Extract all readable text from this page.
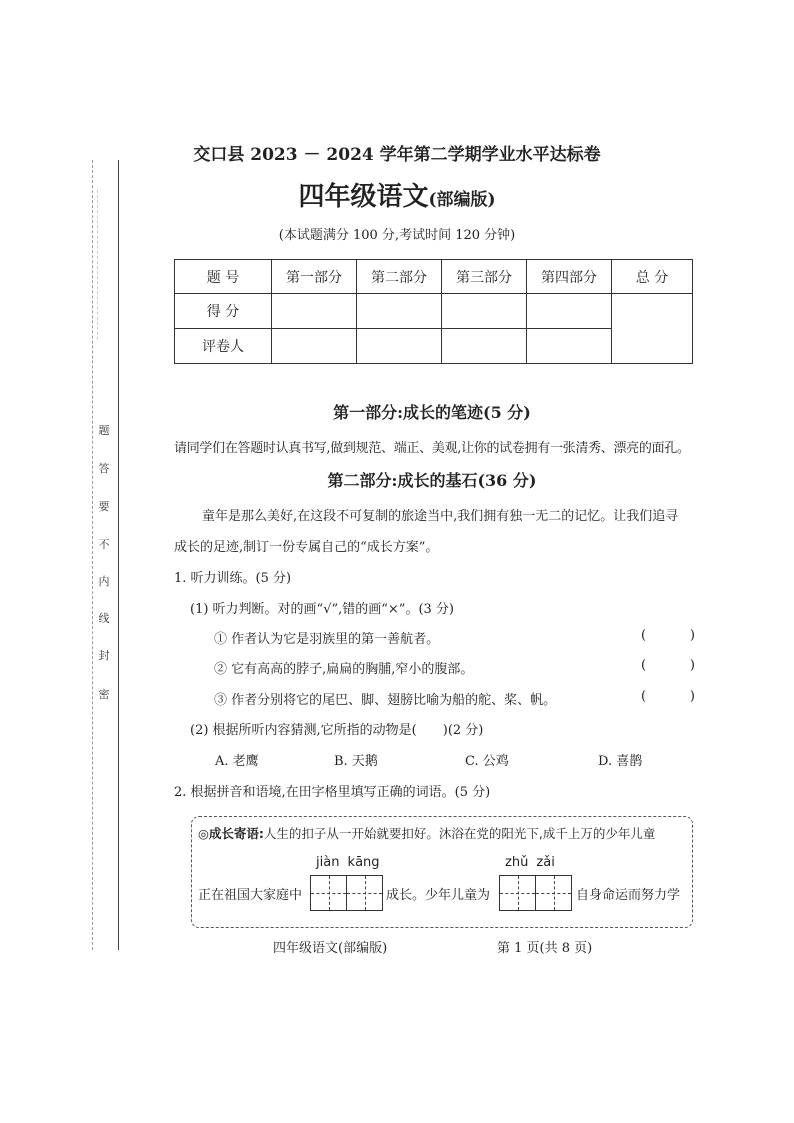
密
封
线
内
不
要
答
题
交口县 2023 － 2024 学年第二学期学业水平达标卷
四年级语文(部编版)
(本试题满分 100 分,考试时间 120 分钟)
题 号	第一部分	第二部分	第三部分	第四部分	总 分
得 分					
评卷人					
第一部分:成长的笔迹(5 分)
请同学们在答题时认真书写,做到规范、端正、美观,让你的试卷拥有一张清秀、漂亮的面孔。
第二部分:成长的基石(36 分)
童年是那么美好,在这段不可复制的旅途当中,我们拥有独一无二的记忆。让我们追寻
成长的足迹,制订一份专属自己的“成长方案”。
1. 听力训练。(5 分)
(1) 听力判断。对的画“√”,错的画“×”。(3 分)
① 作者认为它是羽族里的第一善航者。	(	)
② 它有高高的脖子,扁扁的胸脯,窄小的腹部。	(	)
③ 作者分别将它的尾巴、脚、翅膀比喻为船的舵、桨、帆。	(	)
(2) 根据所听内容猜测,它所指的动物是(　　)(2 分)
A. 老鹰	B. 天鹅	C. 公鸡	D. 喜鹊
2. 根据拼音和语境,在田字格里填写正确的词语。(5 分)
◎成长寄语:人生的扣子从一开始就要扣好。沐浴在党的阳光下,成千上万的少年儿童
jiàn kāng	zhǔ zǎi
正在祖国大家庭中	成长。少年儿童为	自身命运而努力学
四年级语文(部编版)	第 1 页(共 8 页)
